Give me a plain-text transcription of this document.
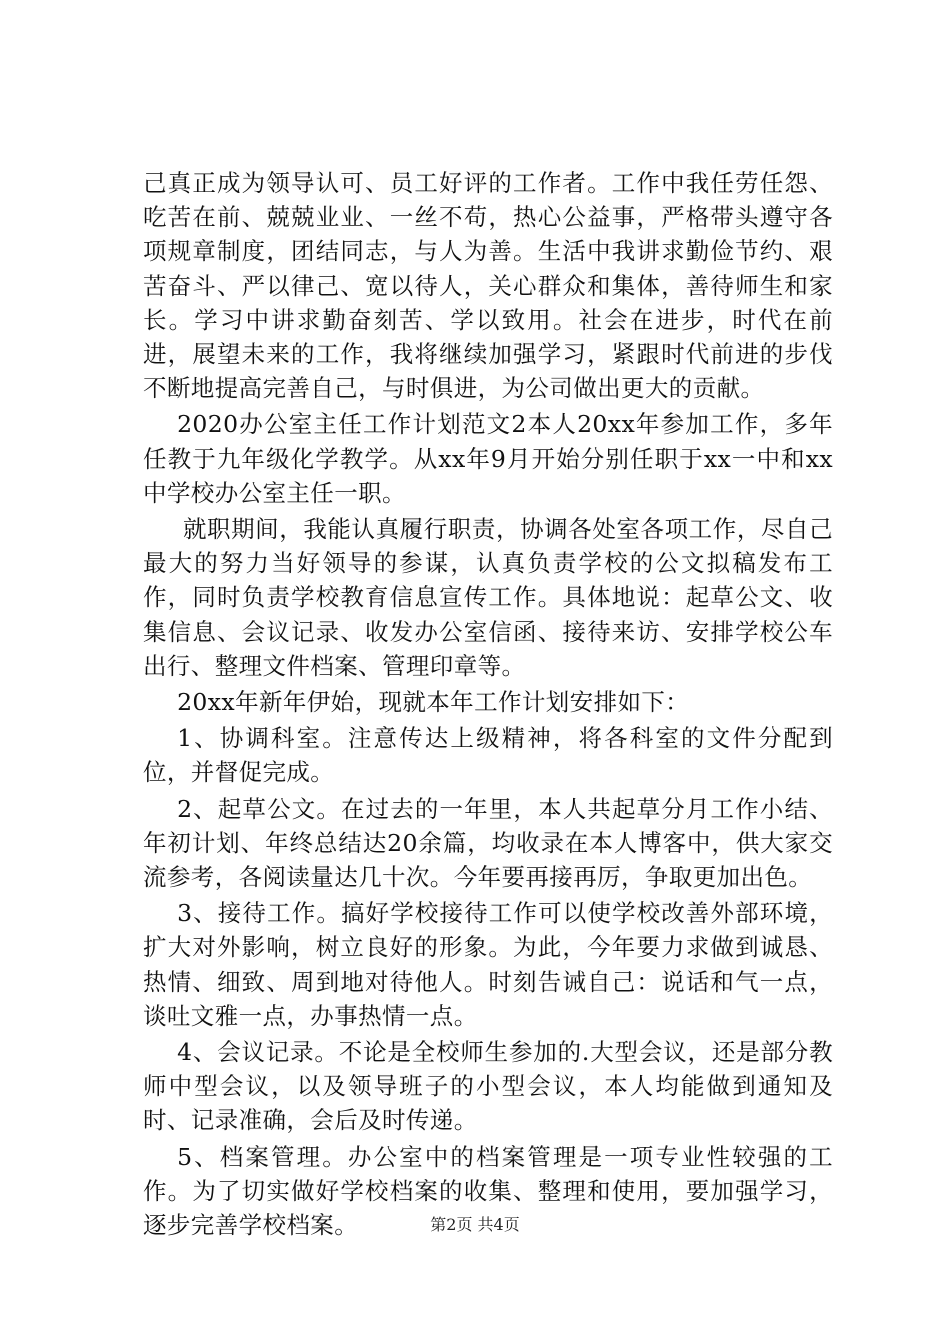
己真正成为领导认可、员工好评的工作者。工作中我任劳任怨、吃苦在前、兢兢业业、一丝不苟，热心公益事，严格带头遵守各项规章制度，团结同志，与人为善。生活中我讲求勤俭节约、艰苦奋斗、严以律己、宽以待人，关心群众和集体，善待师生和家长。学习中讲求勤奋刻苦、学以致用。社会在进步，时代在前进，展望未来的工作，我将继续加强学习，紧跟时代前进的步伐不断地提高完善自己，与时俱进，为公司做出更大的贡献。

2020办公室主任工作计划范文2本人20xx年参加工作，多年任教于九年级化学教学。从xx年9月开始分别任职于xx一中和xx中学校办公室主任一职。

就职期间，我能认真履行职责，协调各处室各项工作，尽自己最大的努力当好领导的参谋，认真负责学校的公文拟稿发布工作，同时负责学校教育信息宣传工作。具体地说：起草公文、收集信息、会议记录、收发办公室信函、接待来访、安排学校公车出行、整理文件档案、管理印章等。

20xx年新年伊始，现就本年工作计划安排如下：

1、协调科室。注意传达上级精神，将各科室的文件分配到位，并督促完成。

2、起草公文。在过去的一年里，本人共起草分月工作小结、年初计划、年终总结达20余篇，均收录在本人博客中，供大家交流参考，各阅读量达几十次。今年要再接再厉，争取更加出色。

3、接待工作。搞好学校接待工作可以使学校改善外部环境，扩大对外影响，树立良好的形象。为此，今年要力求做到诚恳、热情、细致、周到地对待他人。时刻告诫自己：说话和气一点，谈吐文雅一点，办事热情一点。

4、会议记录。不论是全校师生参加的.大型会议，还是部分教师中型会议，以及领导班子的小型会议，本人均能做到通知及时、记录准确，会后及时传递。

5、档案管理。办公室中的档案管理是一项专业性较强的工作。为了切实做好学校档案的收集、整理和使用，要加强学习，逐步完善学校档案。	第2页 共4页
